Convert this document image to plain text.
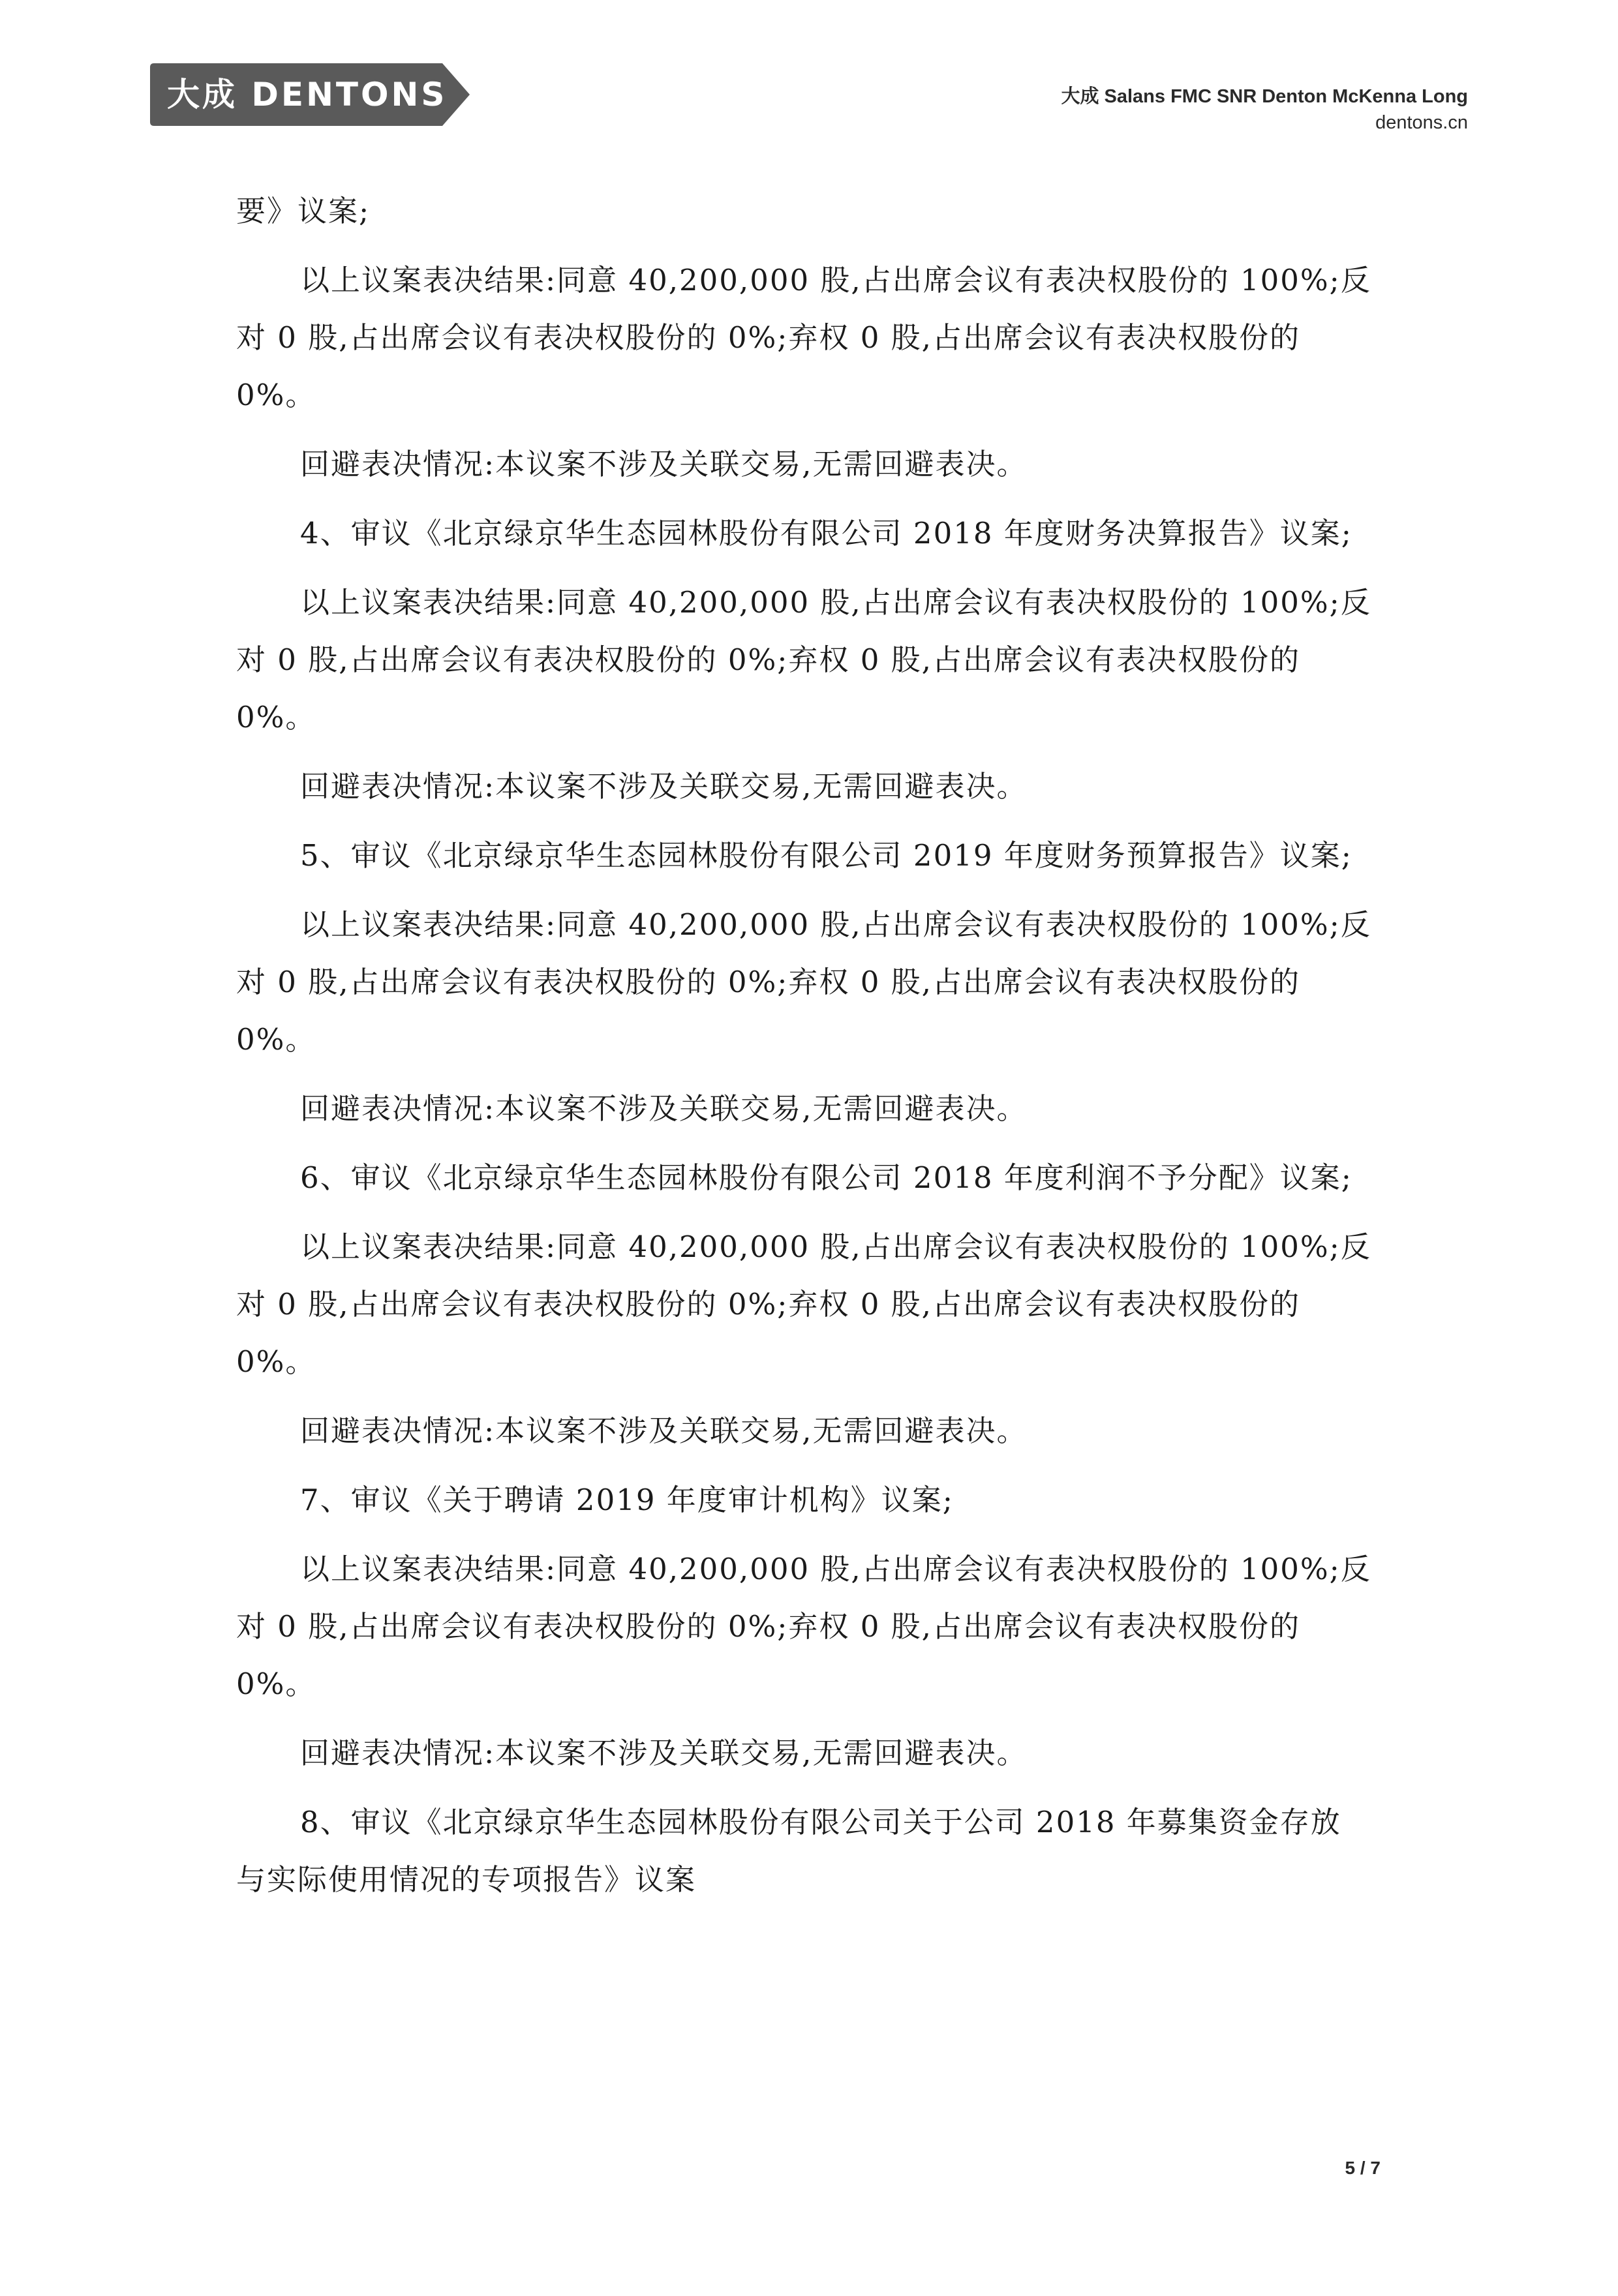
大成 DENTONS	大成 Salans FMC SNR Denton McKenna Long
dentons.cn

要》议案;

以上议案表决结果:同意 40,200,000 股,占出席会议有表决权股份的 100%;反对 0 股,占出席会议有表决权股份的 0%;弃权 0 股,占出席会议有表决权股份的 0%。

回避表决情况:本议案不涉及关联交易,无需回避表决。

4、审议《北京绿京华生态园林股份有限公司 2018 年度财务决算报告》议案;

以上议案表决结果:同意 40,200,000 股,占出席会议有表决权股份的 100%;反对 0 股,占出席会议有表决权股份的 0%;弃权 0 股,占出席会议有表决权股份的 0%。

回避表决情况:本议案不涉及关联交易,无需回避表决。

5、审议《北京绿京华生态园林股份有限公司 2019 年度财务预算报告》议案;

以上议案表决结果:同意 40,200,000 股,占出席会议有表决权股份的 100%;反对 0 股,占出席会议有表决权股份的 0%;弃权 0 股,占出席会议有表决权股份的 0%。

回避表决情况:本议案不涉及关联交易,无需回避表决。

6、审议《北京绿京华生态园林股份有限公司 2018 年度利润不予分配》议案;

以上议案表决结果:同意 40,200,000 股,占出席会议有表决权股份的 100%;反对 0 股,占出席会议有表决权股份的 0%;弃权 0 股,占出席会议有表决权股份的 0%。

回避表决情况:本议案不涉及关联交易,无需回避表决。

7、审议《关于聘请 2019 年度审计机构》议案;

以上议案表决结果:同意 40,200,000 股,占出席会议有表决权股份的 100%;反对 0 股,占出席会议有表决权股份的 0%;弃权 0 股,占出席会议有表决权股份的 0%。

回避表决情况:本议案不涉及关联交易,无需回避表决。

8、审议《北京绿京华生态园林股份有限公司关于公司 2018 年募集资金存放与实际使用情况的专项报告》议案

5 / 7
